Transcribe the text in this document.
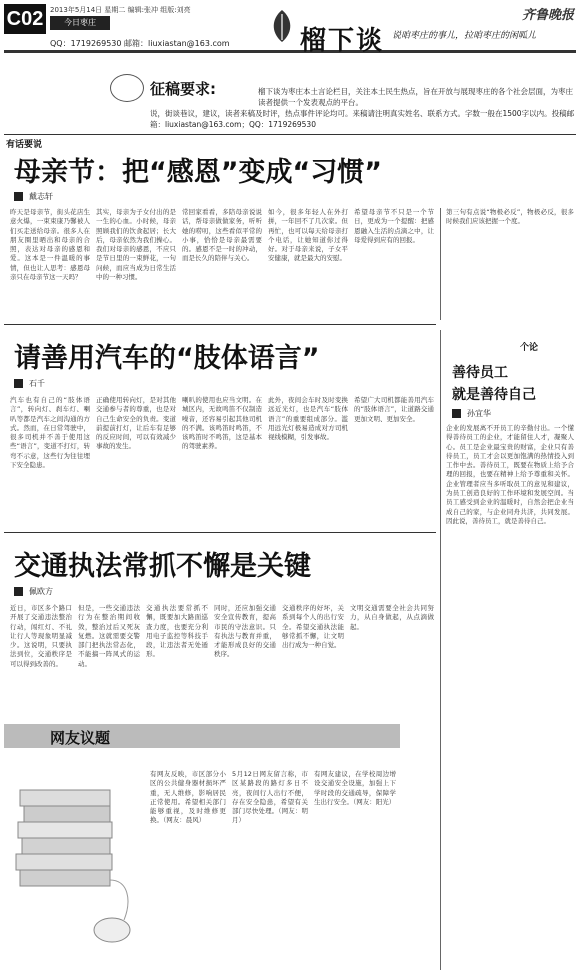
C02 2013年5月14日 星期二 编辑:张冲 组版:刘亮
今日枣庄	齐鲁晚报
QQ：1719269530 邮箱：liuxiastan@163.com	榴下谈 说咱枣庄的事儿，拉咱枣庄的闲呱儿
征稿要求:	榴下谈为枣庄本土言论栏目，关注本土民生热点，旨在开放与展现枣庄的各个社会层面，为枣庄读者提供一个发表观点的平台。
说，街谈巷议，建议，读者来稿及时评，热点事件评论均可。来稿请注明真实姓名、联系方式。字数一般在1500字以内。投稿邮箱：liuxiastan@163.com；QQ：1719269530
有话要说
母亲节：把“感恩”变成“习惯”
戴志轩
昨天是母亲节，街头花店生意火爆，一束束康乃馨被人们买走送给母亲。很多人在朋友圈里晒出和母亲的合照，表达对母亲的感恩和爱。这本是一件温暖的事情，但也让人思考：感恩母亲只在母亲节这一天吗？
其实，母亲为子女付出的是一生的心血。小时候，母亲照顾我们的饮食起居；长大后，母亲依然为我们操心。我们对母亲的感恩，不应只是节日里的一束鲜花，一句问候，而应当成为日常生活中的一种习惯。
常回家看看，多陪母亲说说话，帮母亲做做家务，听听她的唠叨，这些看似平常的小事，恰恰是母亲最需要的。感恩不是一时的冲动，而是长久的陪伴与关心。
如今，很多年轻人在外打拼，一年回不了几次家。但再忙，也可以每天给母亲打个电话，让她知道你过得好。对于母亲来说，子女平安健康，就是最大的安慰。
希望母亲节不只是一个节日，更成为一个提醒：把感恩融入生活的点滴之中，让母爱得到应有的回报。
第三句有点说“物极必反”，物极必反，很多时候我们应该把握一个度。
请善用汽车的“肢体语言”
石千
汽车也有自己的“肢体语言”，转向灯、刹车灯、喇叭等都是汽车之间沟通的方式。然而，在日常驾驶中，很多司机并不善于使用这些“语言”，变道不打灯，转弯不示意，这些行为往往埋下安全隐患。
正确使用转向灯，是对其他交通参与者的尊重，也是对自己生命安全的负责。变道前提前打灯，让后车有足够的反应时间，可以有效减少事故的发生。
喇叭的使用也应当文明。在城区内，无故鸣笛不仅制造噪音，还容易引起其他司机的不满。该鸣笛时鸣笛，不该鸣笛时不鸣笛，这是基本的驾驶素养。
此外，夜间会车时及时变换远近光灯，也是汽车“肢体语言”的重要组成部分。滥用远光灯极易造成对方司机视线模糊，引发事故。
希望广大司机都能善用汽车的“肢体语言”，让道路交通更加文明、更加安全。
个论
善待员工
就是善待自己
孙宜华
企业的发展离不开员工的辛勤付出。一个懂得善待员工的企业，才能留住人才，凝聚人心。员工是企业最宝贵的财富，企业只有善待员工，员工才会以更加饱满的热情投入到工作中去。善待员工，既要在物质上给予合理的回报，也要在精神上给予尊重和关怀。企业管理者应当多听取员工的意见和建议，为员工创造良好的工作环境和发展空间。当员工感受到企业的温暖时，自然会把企业当成自己的家，与企业同舟共济，共同发展。因此说，善待员工，就是善待自己。
交通执法常抓不懈是关键
佩欧方
近日，市区多个路口开展了交通违法整治行动，闯红灯、不礼让行人等现象明显减少。这说明，只要执法到位，交通秩序是可以得到改善的。
但是，一些交通违法行为在整治期间收敛，整治过后又死灰复燃。这就需要交警部门把执法常态化，不能搞一阵风式的运动。
交通执法要常抓不懈，既要加大路面巡查力度，也要充分利用电子监控等科技手段，让违法者无处遁形。
同时，还应加强交通安全宣传教育，提高市民的守法意识。只有执法与教育并重，才能形成良好的交通秩序。
交通秩序的好坏，关系到每个人的出行安全。希望交通执法能够常抓不懈，让文明出行成为一种自觉。
文明交通需要全社会共同努力，从自身做起，从点滴做起。
网友议题
有网友反映，市区部分小区的公共健身器材损坏严重，无人维修，影响居民正常使用。希望相关部门能够重视，及时维修更换。（网友：晨风）
5月12日网友留言称，市区某路段的路灯多日不亮，夜间行人出行不便，存在安全隐患，希望有关部门尽快处理。（网友：明月）
有网友建议，在学校周边增设交通安全设施，加强上下学时段的交通疏导，保障学生出行安全。（网友：阳光）
